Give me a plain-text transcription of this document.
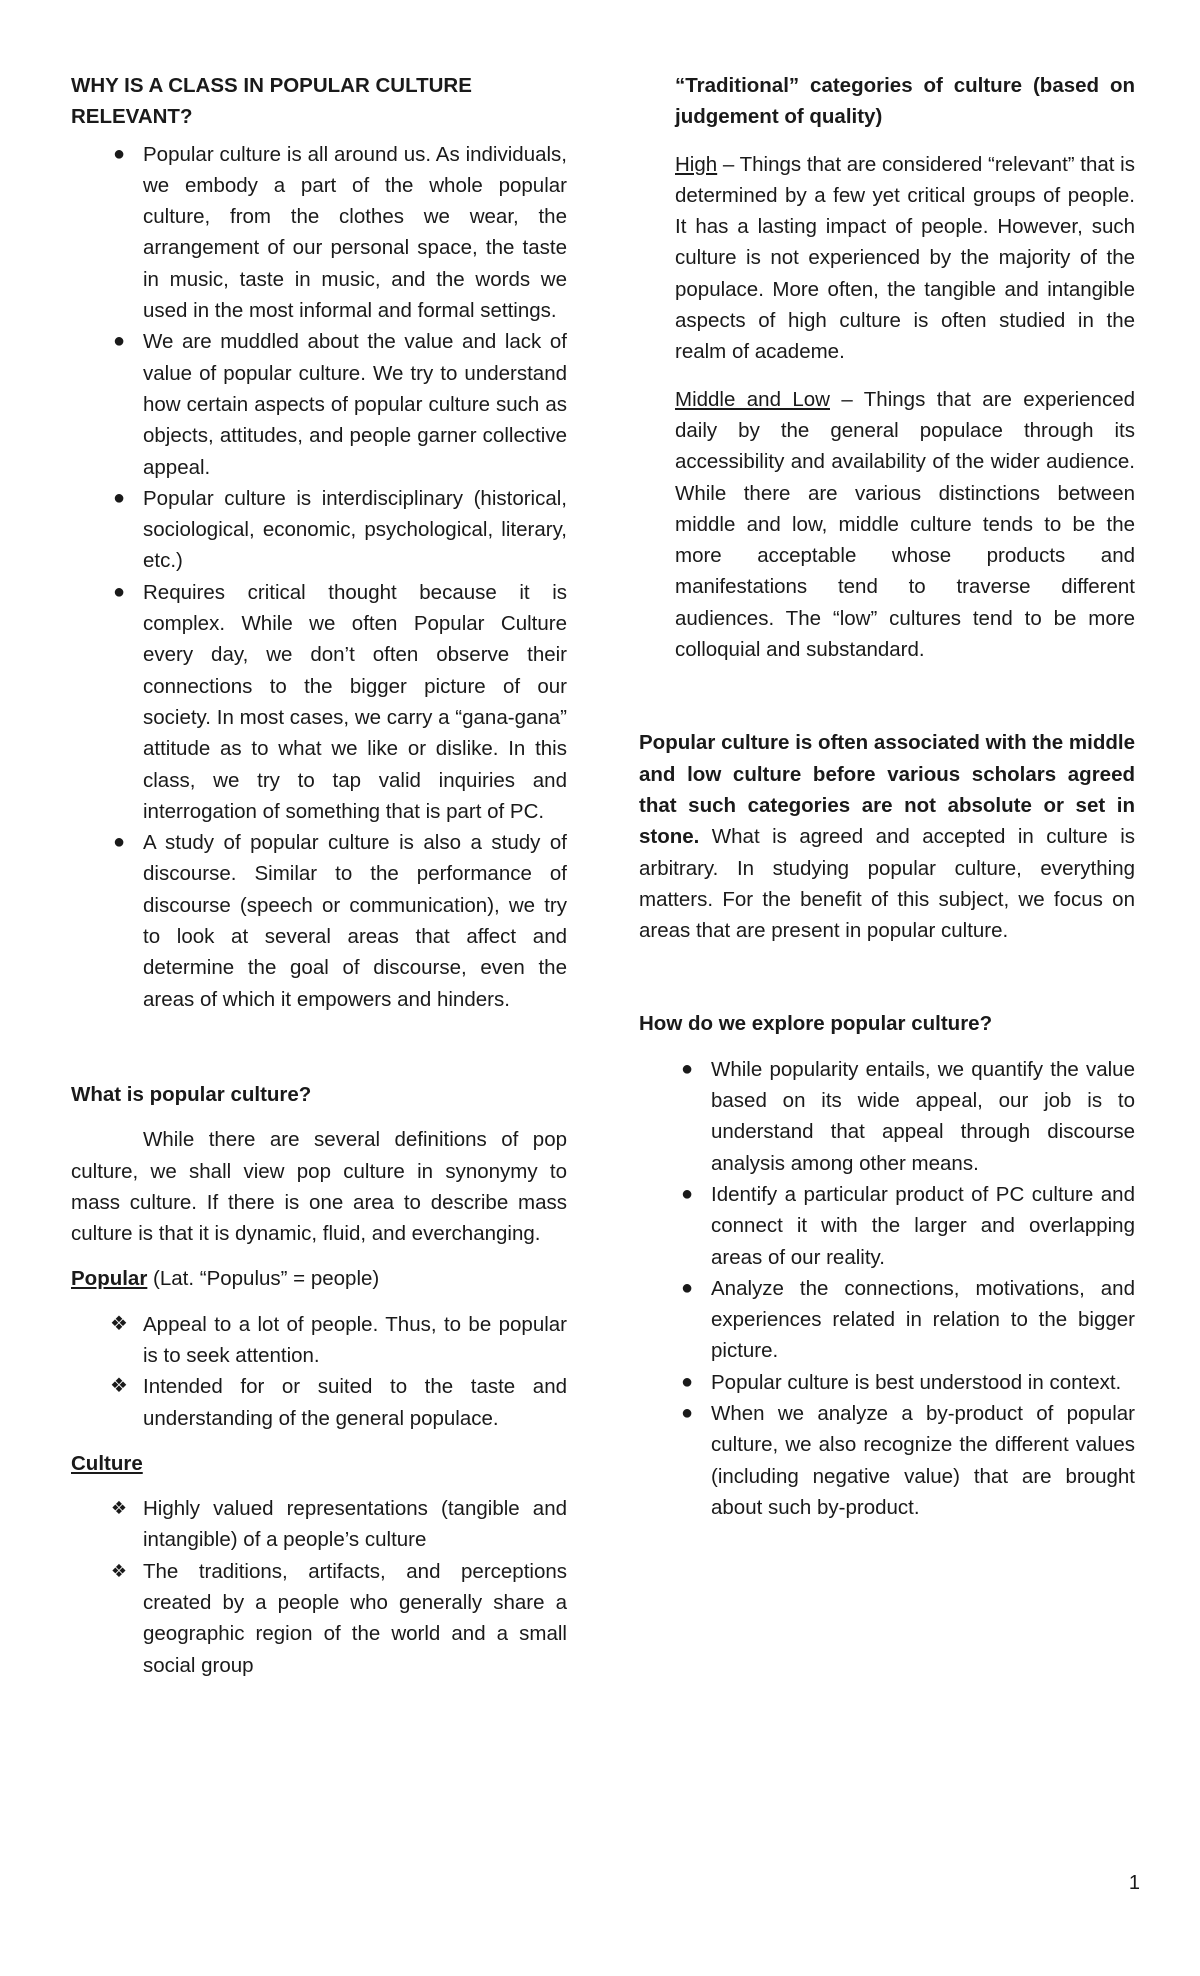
WHY IS A CLASS IN POPULAR CULTURE RELEVANT?
● Popular culture is all around us. As individuals, we embody a part of the whole popular culture, from the clothes we wear, the arrangement of our personal space, the taste in music, taste in music, and the words we used in the most informal and formal settings.
● We are muddled about the value and lack of value of popular culture. We try to understand how certain aspects of popular culture such as objects, attitudes, and people garner collective appeal.
● Popular culture is interdisciplinary (historical, sociological, economic, psychological, literary, etc.)
● Requires critical thought because it is complex. While we often Popular Culture every day, we don’t often observe their connections to the bigger picture of our society. In most cases, we carry a “gana-gana” attitude as to what we like or dislike. In this class, we try to tap valid inquiries and interrogation of something that is part of PC.
● A study of popular culture is also a study of discourse. Similar to the performance of discourse (speech or communication), we try to look at several areas that affect and determine the goal of discourse, even the areas of which it empowers and hinders.
What is popular culture?

While there are several definitions of pop culture, we shall view pop culture in synonymy to mass culture. If there is one area to describe mass culture is that it is dynamic, fluid, and everchanging.

Popular (Lat. “Populus” = people)

❖ Appeal to a lot of people. Thus, to be popular is to seek attention.
❖ Intended for or suited to the taste and understanding of the general populace.

Culture

❖ Highly valued representations (tangible and intangible) of a people’s culture
❖ The traditions, artifacts, and perceptions created by a people who generally share a geographic region of the world and a small social group
“Traditional” categories of culture (based on judgement of quality)

High – Things that are considered “relevant” that is determined by a few yet critical groups of people. It has a lasting impact of people. However, such culture is not experienced by the majority of the populace. More often, the tangible and intangible aspects of high culture is often studied in the realm of academe.

Middle and Low – Things that are experienced daily by the general populace through its accessibility and availability of the wider audience. While there are various distinctions between middle and low, middle culture tends to be the more acceptable whose products and manifestations tend to traverse different audiences. The “low” cultures tend to be more colloquial and substandard.

Popular culture is often associated with the middle and low culture before various scholars agreed that such categories are not absolute or set in stone. What is agreed and accepted in culture is arbitrary. In studying popular culture, everything matters. For the benefit of this subject, we focus on areas that are present in popular culture.

How do we explore popular culture?
● While popularity entails, we quantify the value based on its wide appeal, our job is to understand that appeal through discourse analysis among other means.
● Identify a particular product of PC culture and connect it with the larger and overlapping areas of our reality.
● Analyze the connections, motivations, and experiences related in relation to the bigger picture.
● Popular culture is best understood in context.
● When we analyze a by-product of popular culture, we also recognize the different values (including negative value) that are brought about such by-product.
1
